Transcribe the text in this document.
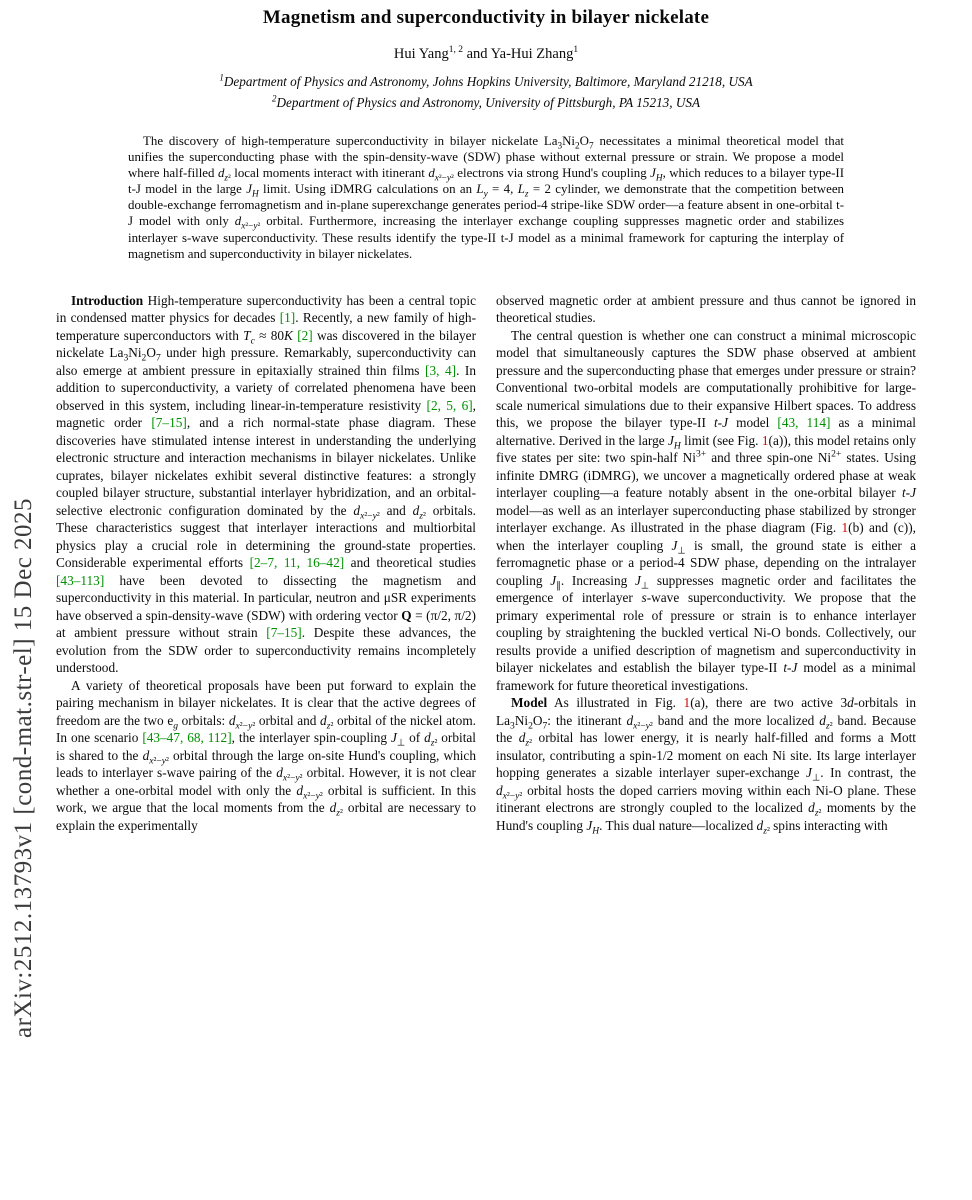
arXiv:2512.13793v1 [cond-mat.str-el] 15 Dec 2025
Magnetism and superconductivity in bilayer nickelate
Hui Yang$^{1, 2}$ and Ya-Hui Zhang$^1$
$^1$Department of Physics and Astronomy, Johns Hopkins University, Baltimore, Maryland 21218, USA
$^2$Department of Physics and Astronomy, University of Pittsburgh, PA 15213, USA
The discovery of high-temperature superconductivity in bilayer nickelate $La_3Ni_2O_7$ necessitates a minimal theoretical model that unifies the superconducting phase with the spin-density-wave (SDW) phase without external pressure or strain. We propose a model where half-filled $d_{z^2}$ local moments interact with itinerant $d_{x^2-y^2}$ electrons via strong Hund's coupling $J_H$, which reduces to a bilayer type-II t-J model in the large $J_H$ limit. Using iDMRG calculations on an $L_y = 4$, $L_z = 2$ cylinder, we demonstrate that the competition between double-exchange ferromagnetism and in-plane superexchange generates period-4 stripe-like SDW order—a feature absent in one-orbital t-J model with only $d_{x^2-y^2}$ orbital. Furthermore, increasing the interlayer exchange coupling suppresses magnetic order and stabilizes interlayer s-wave superconductivity. These results identify the type-II t-J model as a minimal framework for capturing the interplay of magnetism and superconductivity in bilayer nickelates.

Introduction High-temperature superconductivity has been a central topic in condensed matter physics for decades [1]. Recently, a new family of high-temperature superconductors with $T_c \approx 80K$ [2] was discovered in the bilayer nickelate $La_3Ni_2O_7$ under high pressure. Remarkably, superconductivity can also emerge at ambient pressure in epitaxially strained thin films [3, 4]. In addition to superconductivity, a variety of correlated phenomena have been observed in this system, including linear-in-temperature resistivity [2, 5, 6], magnetic order [7–15], and a rich normal-state phase diagram. These discoveries have stimulated intense interest in understanding the underlying electronic structure and interaction mechanisms in bilayer nickelates. Unlike cuprates, bilayer nickelates exhibit several distinctive features: a strongly coupled bilayer structure, substantial interlayer hybridization, and an orbital-selective electronic configuration dominated by the $d_{x^2-y^2}$ and $d_{z^2}$ orbitals. These characteristics suggest that interlayer interactions and multiorbital physics play a crucial role in determining the ground-state properties. Considerable experimental efforts [2–7, 11, 16–42] and theoretical studies [43–113] have been devoted to dissecting the magnetism and superconductivity in this material. In particular, neutron and μSR experiments have observed a spin-density-wave (SDW) with ordering vector Q = (π/2, π/2) at ambient pressure without strain [7–15]. Despite these advances, the evolution from the SDW order to superconductivity remains incompletely understood.

A variety of theoretical proposals have been put forward to explain the pairing mechanism in bilayer nickelates. It is clear that the active degrees of freedom are the two $e_g$ orbitals: $d_{x^2-y^2}$ orbital and $d_{z^2}$ orbital of the nickel atom. In one scenario [43–47, 68, 112], the interlayer spin-coupling $J_\perp$ of $d_{z^2}$ orbital is shared to the $d_{x^2-y^2}$ orbital through the large on-site Hund's coupling, which leads to interlayer s-wave pairing of the $d_{x^2-y^2}$ orbital. However, it is not clear whether a one-orbital model with only the $d_{x^2-y^2}$ orbital is sufficient. In this work, we argue that the local moments from the $d_{z^2}$ orbital are necessary to explain the experimentally

observed magnetic order at ambient pressure and thus cannot be ignored in theoretical studies.

The central question is whether one can construct a minimal microscopic model that simultaneously captures the SDW phase observed at ambient pressure and the superconducting phase that emerges under pressure or strain? Conventional two-orbital models are computationally prohibitive for large-scale numerical simulations due to their expansive Hilbert spaces. To address this, we propose the bilayer type-II t-J model [43, 114] as a minimal alternative. Derived in the large $J_H$ limit (see Fig. 1(a)), this model retains only five states per site: two spin-half $Ni^{3+}$ and three spin-one $Ni^{2+}$ states. Using infinite DMRG (iDMRG), we uncover a magnetically ordered phase at weak interlayer coupling—a feature notably absent in the one-orbital bilayer t-J model—as well as an interlayer superconducting phase stabilized by stronger interlayer exchange. As illustrated in the phase diagram (Fig. 1(b) and (c)), when the interlayer coupling $J_\perp$ is small, the ground state is either a ferromagnetic phase or a period-4 SDW phase, depending on the intralayer coupling $J_\parallel$. Increasing $J_\perp$ suppresses magnetic order and facilitates the emergence of interlayer s-wave superconductivity. We propose that the primary experimental role of pressure or strain is to enhance interlayer coupling by straightening the buckled vertical Ni-O bonds. Collectively, our results provide a unified description of magnetism and superconductivity in bilayer nickelates and establish the bilayer type-II t-J model as a minimal framework for future theoretical investigations.

Model As illustrated in Fig. 1(a), there are two active 3d-orbitals in $La_3Ni_2O_7$: the itinerant $d_{x^2-y^2}$ band and the more localized $d_{z^2}$ band. Because the $d_{z^2}$ orbital has lower energy, it is nearly half-filled and forms a Mott insulator, contributing a spin-1/2 moment on each Ni site. Its large interlayer hopping generates a sizable interlayer super-exchange $J_\perp$. In contrast, the $d_{x^2-y^2}$ orbital hosts the doped carriers moving within each Ni-O plane. These itinerant electrons are strongly coupled to the localized $d_{z^2}$ moments by the Hund's coupling $J_H$. This dual nature—localized $d_{z^2}$ spins interacting with
